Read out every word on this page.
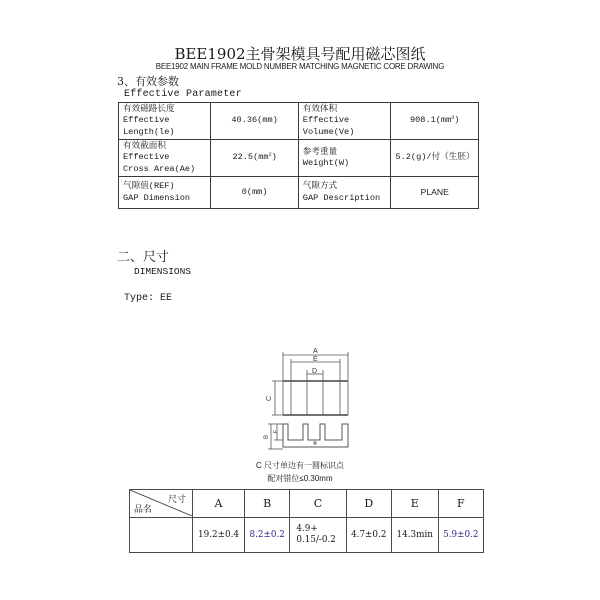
BEE1902主骨架模具号配用磁芯图纸
BEE1902 MAIN FRAME MOLD NUMBER MATCHING MAGNETIC CORE DRAWING
3、有效参数
Effective Parameter
有效磁路长度
Effective
Length(le)
	40.36(mm)	
有效体积
Effective
Volume(Ve)
	$908.1(mm^3)$

有效截面积
Effective
Cross Area(Ae)
	$22.5(mm^2)$	
参考重量
Weight(W)
	5.2(g)/付（生胚）

气隙值(REF)
GAP Dimension
	0(mm)	
气隙方式
GAP Description
	PLANE
二、尺寸
DIMENSIONS
Type: EE
A
E
D
C
B
F
C 尺寸单边有一圆标识点
配对错位≤0.30mm
尺寸
品名	A	B	C	D	E	F
	19.2±0.4	8.2±0.2	4.9+
0.15/-0.2	4.7±0.2	14.3min	5.9±0.2
